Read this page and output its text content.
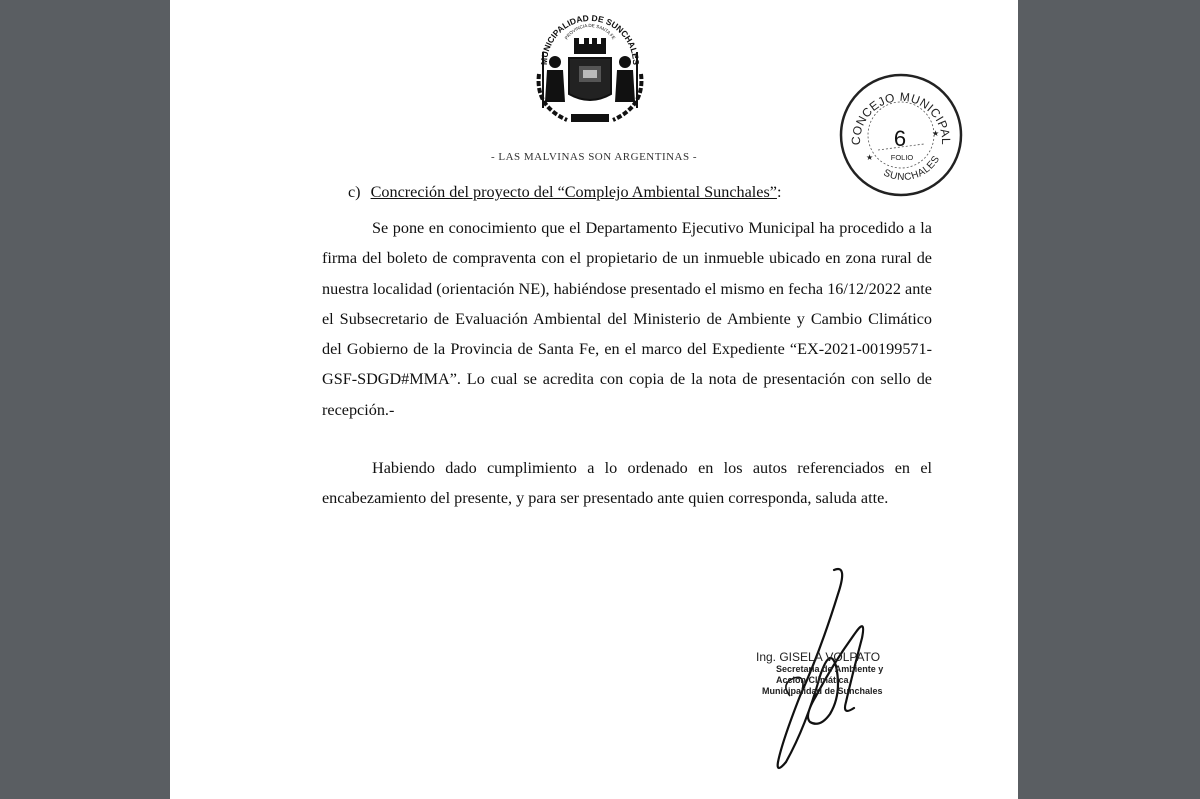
MUNICIPALIDAD DE SUNCHALES
PROVINCIA DE SANTA FE
- LAS MALVINAS SON ARGENTINAS -
CONCEJO MUNICIPAL
SUNCHALES
6
FOLIO
★
★
c) Concreción del proyecto del “Complejo Ambiental Sunchales”:
Se pone en conocimiento que el Departamento Ejecutivo Municipal ha procedido a la firma del boleto de compraventa con el propietario de un inmueble ubicado en zona rural de nuestra localidad (orientación NE), habiéndose presentado el mismo en fecha 16/12/2022 ante el Subsecretario de Evaluación Ambiental del Ministerio de Ambiente y Cambio Climático del Gobierno de la Provincia de Santa Fe, en el marco del Expediente “EX-2021-00199571-GSF-SDGD#MMA”. Lo cual se acredita con copia de la nota de presentación con sello de recepción.-
Habiendo dado cumplimiento a lo ordenado en los autos referenciados en el encabezamiento del presente, y para ser presentado ante quien corresponda, saluda atte.
Ing. GISELA VOLPATO
Secretaria de Ambiente y
Acción Climática
Municipalidad de Sunchales
